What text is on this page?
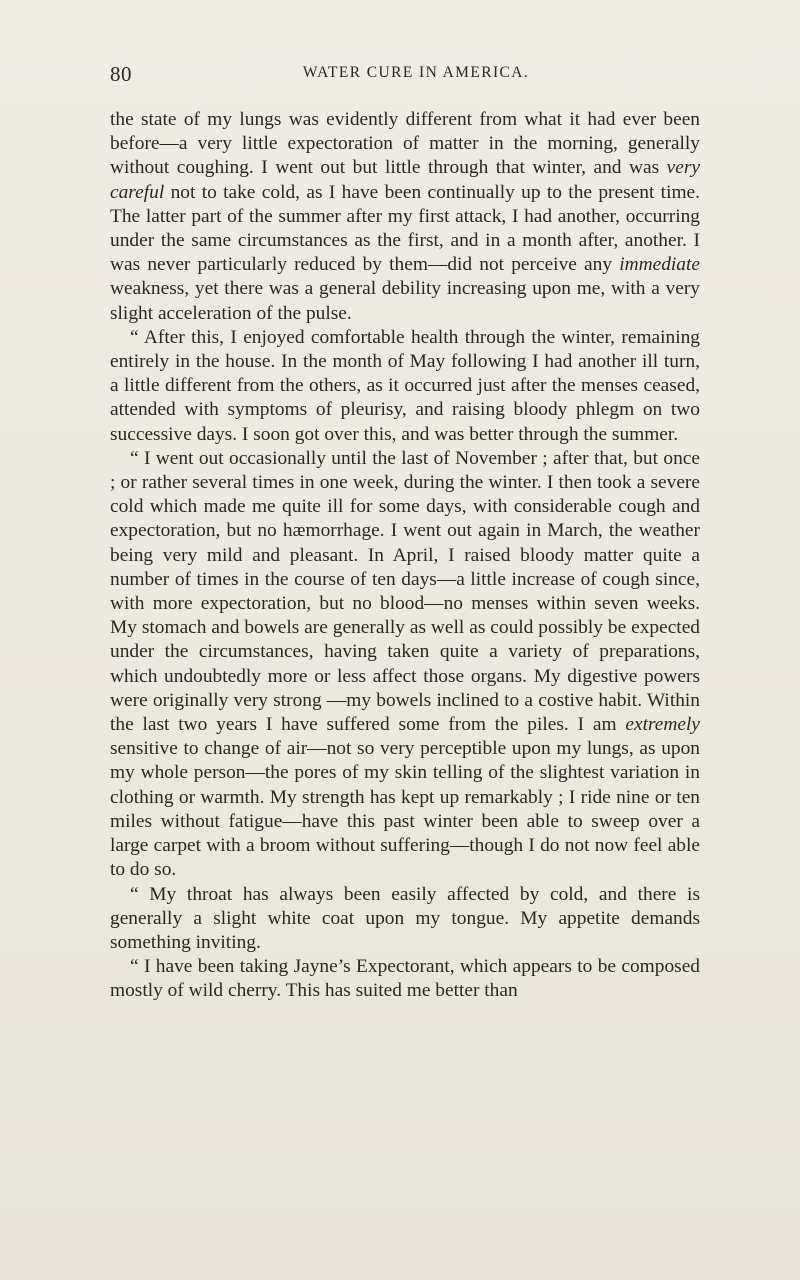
80	WATER CURE IN AMERICA.

the state of my lungs was evidently different from what it had ever been before—a very little expectoration of matter in the morning, generally without coughing. I went out but little through that winter, and was very careful not to take cold, as I have been continually up to the present time. The latter part of the summer after my first attack, I had another, occurring under the same circumstances as the first, and in a month after, another. I was never particularly reduced by them—did not perceive any immediate weakness, yet there was a general debility increasing upon me, with a very slight acceleration of the pulse.

“ After this, I enjoyed comfortable health through the winter, remaining entirely in the house. In the month of May following I had another ill turn, a little different from the others, as it occurred just after the menses ceased, attended with symptoms of pleurisy, and raising bloody phlegm on two successive days. I soon got over this, and was better through the summer.

“ I went out occasionally until the last of November ; after that, but once ; or rather several times in one week, during the winter. I then took a severe cold which made me quite ill for some days, with considerable cough and expectoration, but no hæmorrhage. I went out again in March, the weather being very mild and pleasant. In April, I raised bloody matter quite a number of times in the course of ten days—a little increase of cough since, with more expectoration, but no blood—no menses within seven weeks. My stomach and bowels are generally as well as could possibly be expected under the circumstances, having taken quite a variety of preparations, which undoubtedly more or less affect those organs. My digestive powers were originally very strong —my bowels inclined to a costive habit. Within the last two years I have suffered some from the piles. I am extremely sensitive to change of air—not so very perceptible upon my lungs, as upon my whole person—the pores of my skin telling of the slightest variation in clothing or warmth. My strength has kept up remarkably ; I ride nine or ten miles without fatigue—have this past winter been able to sweep over a large carpet with a broom without suffering—though I do not now feel able to do so.

“ My throat has always been easily affected by cold, and there is generally a slight white coat upon my tongue. My appetite demands something inviting.

“ I have been taking Jayne’s Expectorant, which appears to be composed mostly of wild cherry. This has suited me better than
